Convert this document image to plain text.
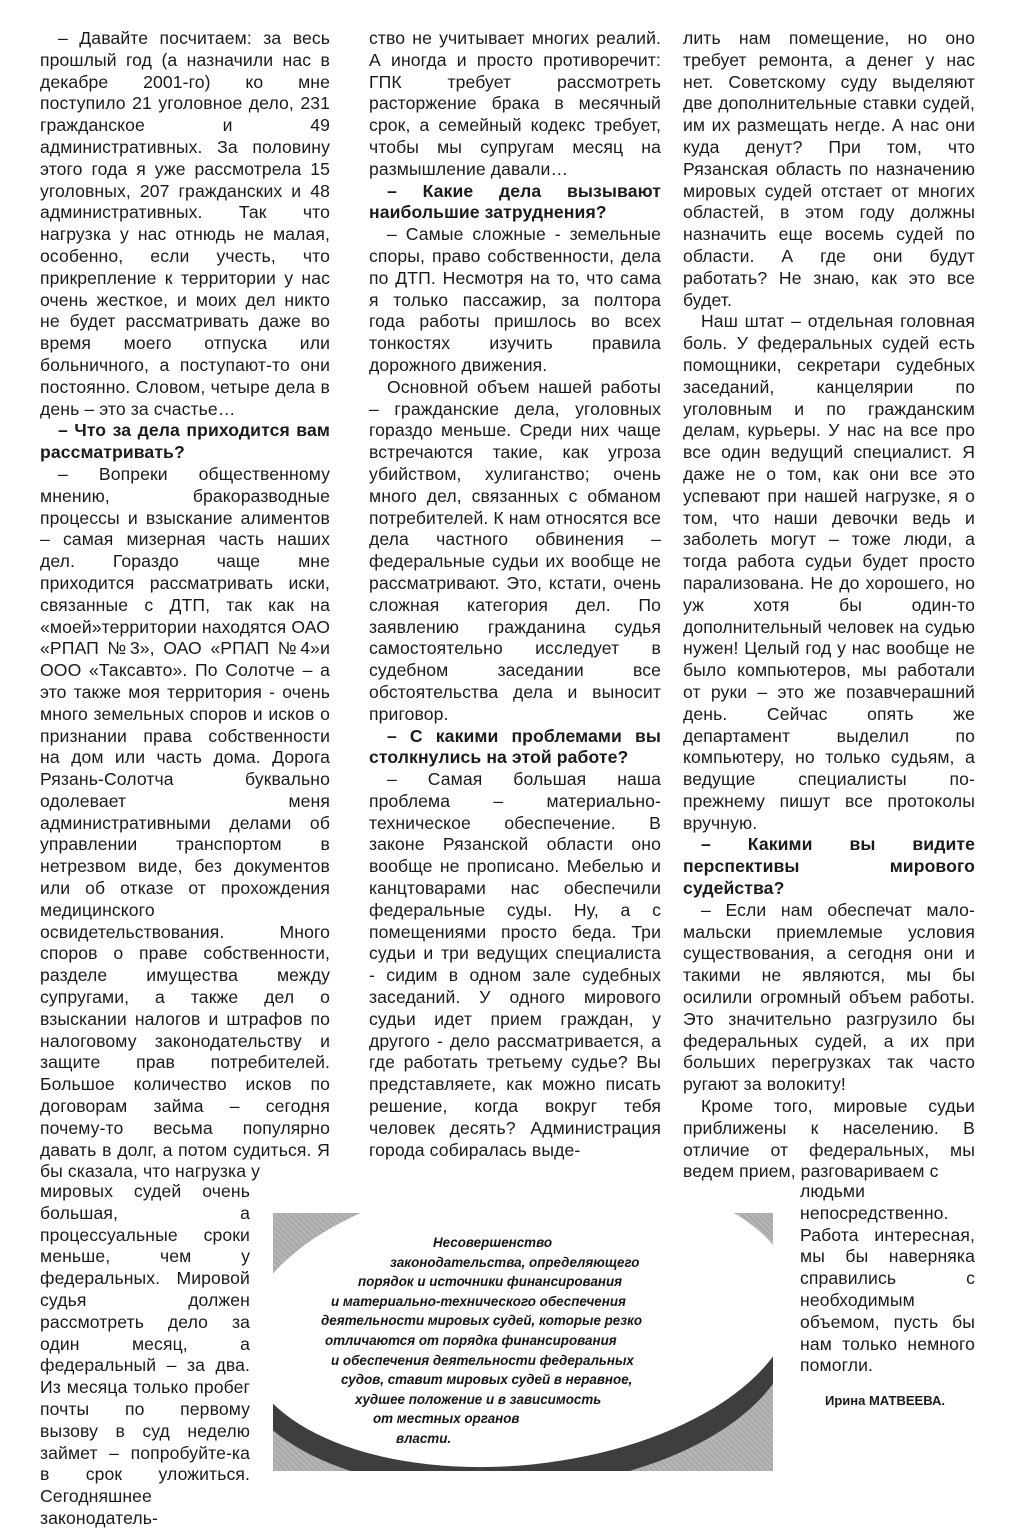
– Давайте посчитаем: за весь прошлый год (а назначили нас в декабре 2001-го) ко мне поступило 21 уголовное дело, 231 гражданское и 49 административных. За половину этого года я уже рассмотрела 15 уголовных, 207 гражданских и 48 административных. Так что нагрузка у нас отнюдь не малая, особенно, если учесть, что прикрепление к территории у нас очень жесткое, и моих дел никто не будет рассматривать даже во время моего отпуска или больничного, а поступают-то они постоянно. Словом, четыре дела в день – это за счастье…

– Что за дела приходится вам рассматривать?

– Вопреки общественному мнению, бракоразводные процессы и взыскание алиментов – самая мизерная часть наших дел. Гораздо чаще мне приходится рассматривать иски, связанные с ДТП, так как на «моей»территории находятся ОАО «РПАП №3», ОАО «РПАП №4»и ООО «Таксавто». По Солотче – а это также моя территория - очень много земельных споров и исков о признании права собственности на дом или часть дома. Дорога Рязань-Солотча буквально одолевает меня административными делами об управлении транспортом в нетрезвом виде, без документов или об отказе от прохождения медицинского освидетельствования. Много споров о праве собственности, разделе имущества между супругами, а также дел о взыскании налогов и штрафов по налоговому законодательству и защите прав потребителей. Большое количество исков по договорам займа – сегодня почему-то весьма популярно давать в долг, а потом судиться. Я бы сказала, что нагрузка у

мировых судей очень большая, а процессуальные сроки меньше, чем у федеральных. Мировой судья должен рассмотреть дело за один месяц, а федеральный – за два. Из месяца только пробег почты по первому вызову в суд неделю займет – попробуйте-ка в срок уложиться. Сегодняшнее законодатель-

ство не учитывает многих реалий. А иногда и просто противоречит: ГПК требует рассмотреть расторжение брака в месячный срок, а семейный кодекс требует, чтобы мы супругам месяц на размышление давали…

– Какие дела вызывают наибольшие затруднения?

– Самые сложные - земельные споры, право собственности, дела по ДТП. Несмотря на то, что сама я только пассажир, за полтора года работы пришлось во всех тонкостях изучить правила дорожного движения.

Основной объем нашей работы – гражданские дела, уголовных гораздо меньше. Среди них чаще встречаются такие, как угроза убийством, хулиганство; очень много дел, связанных с обманом потребителей. К нам относятся все дела частного обвинения – федеральные судьи их вообще не рассматривают. Это, кстати, очень сложная категория дел. По заявлению гражданина судья самостоятельно исследует в судебном заседании все обстоятельства дела и выносит приговор.

– С какими проблемами вы столкнулись на этой работе?

– Самая большая наша проблема – материально-техническое обеспечение. В законе Рязанской области оно вообще не прописано. Мебелью и канцтоварами нас обеспечили федеральные суды. Ну, а с помещениями просто беда. Три судьи и три ведущих специалиста - сидим в одном зале судебных заседаний. У одного мирового судьи идет прием граждан, у другого - дело рассматривается, а где работать третьему судье? Вы представляете, как можно писать решение, когда вокруг тебя человек десять? Администрация города собиралась выде-

лить нам помещение, но оно требует ремонта, а денег у нас нет. Советскому суду выделяют две дополнительные ставки судей, им их размещать негде. А нас они куда денут? При том, что Рязанская область по назначению мировых судей отстает от многих областей, в этом году должны назначить еще восемь судей по области. А где они будут работать? Не знаю, как это все будет.

Наш штат – отдельная головная боль. У федеральных судей есть помощники, секретари судебных заседаний, канцелярии по уголовным и по гражданским делам, курьеры. У нас на все про все один ведущий специалист. Я даже не о том, как они все это успевают при нашей нагрузке, я о том, что наши девочки ведь и заболеть могут – тоже люди, а тогда работа судьи будет просто парализована. Не до хорошего, но уж хотя бы один-то дополнительный человек на судью нужен! Целый год у нас вообще не было компьютеров, мы работали от руки – это же позавчерашний день. Сейчас опять же департамент выделил по компьютеру, но только судьям, а ведущие специалисты по-прежнему пишут все протоколы вручную.

– Какими вы видите перспективы мирового судейства?

– Если нам обеспечат мало-мальски приемлемые условия существования, а сегодня они и такими не являются, мы бы осилили огромный объем работы. Это значительно разгрузило бы федеральных судей, а их при больших перегрузках так часто ругают за волокиту!

Кроме того, мировые судьи приближены к населению. В отличие от федеральных, мы ведем прием, разговариваем с

людьми непосредственно. Работа интересная, мы бы наверняка справились с необходимым объемом, пусть бы нам только немного помогли.

Ирина МАТВЕЕВА.
Несовершенство
законодательства, определяющего
порядок и источники финансирования
и материально-технического обеспечения
деятельности мировых судей, которые резко
отличаются от порядка финансирования
и обеспечения деятельности федеральных
судов, ставит мировых судей в неравное,
худшее положение и в зависимость
от местных органов
власти.
